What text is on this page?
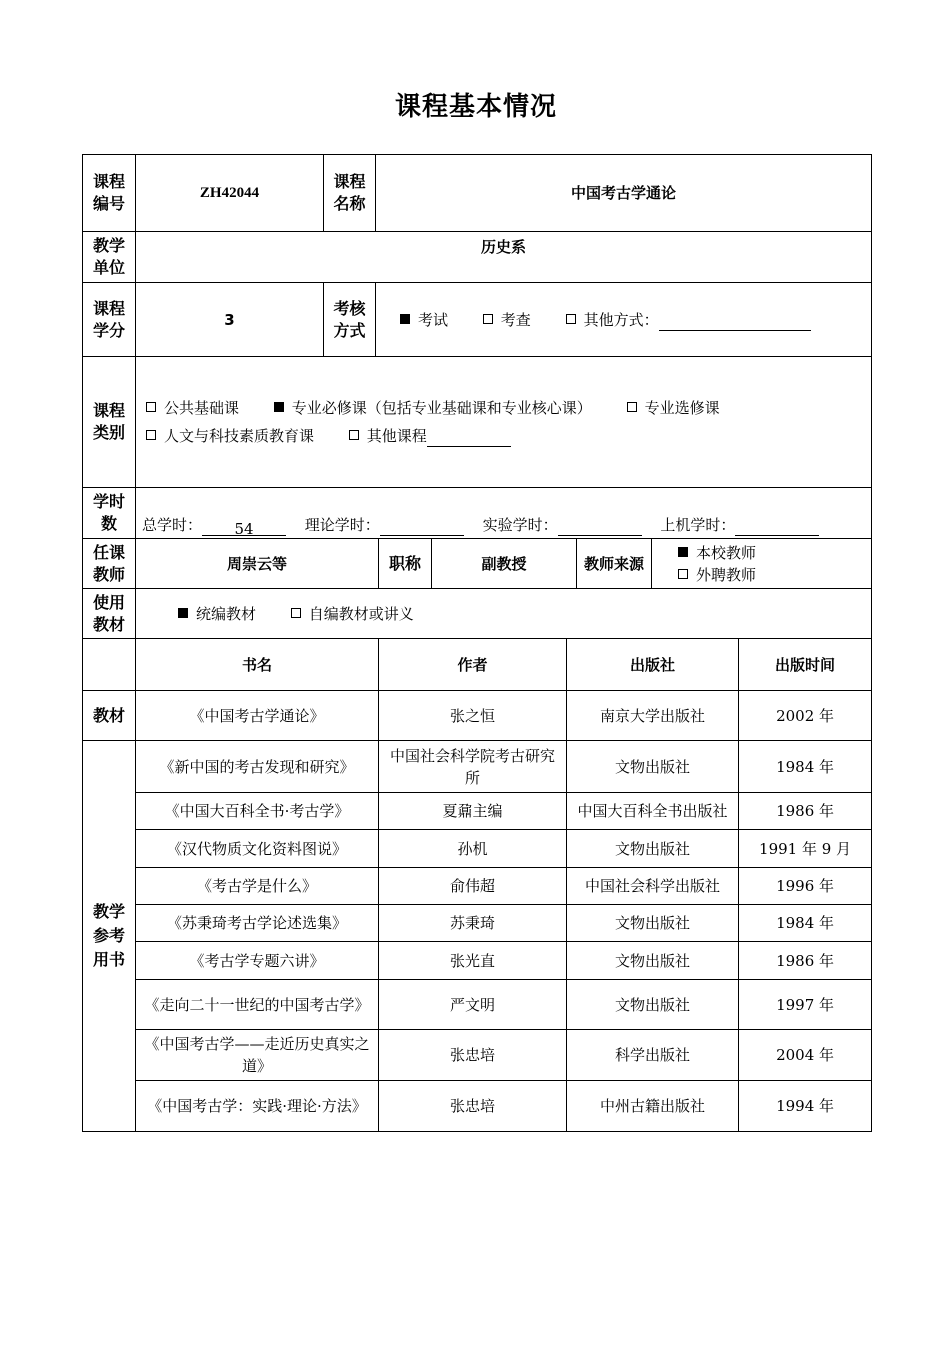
课程基本情况
课程编号	ZH42044	课程名称	中国考古学通论						
教学单位	历史系								
课程学分	3	考核方式	考试 考查 其他方式：						
课程类别	公共基础课 专业必修课（包括专业基础课和专业核心课） 专业选修课
人文与科技素质教育课 其他课程								

学时数	总学时： 54 理论学时： 实验学时： 上机学时：								
任课教师	周崇云等			职称	副教授		教师来源	本校教师
外聘教师	

使用教材	统编教材 自编教材或讲义								
	书名			作者		出版社			出版时间
教材	《中国考古学通论》			张之恒		南京大学出版社			2002 年
教学参考用书	《新中国的考古发现和研究》			中国社会科学院考古研究所		文物出版社			1984 年
	《中国大百科全书·考古学》			夏鼐主编		中国大百科全书出版社			1986 年
	《汉代物质文化资料图说》			孙机		文物出版社			1991 年 9 月
	《考古学是什么》			俞伟超		中国社会科学出版社			1996 年
	《苏秉琦考古学论述选集》			苏秉琦		文物出版社			1984 年
	《考古学专题六讲》			张光直		文物出版社			1986 年
	《走向二十一世纪的中国考古学》			严文明		文物出版社			1997 年
	《中国考古学——走近历史真实之道》			张忠培		科学出版社			2004 年
	《中国考古学：实践·理论·方法》			张忠培		中州古籍出版社			1994 年
